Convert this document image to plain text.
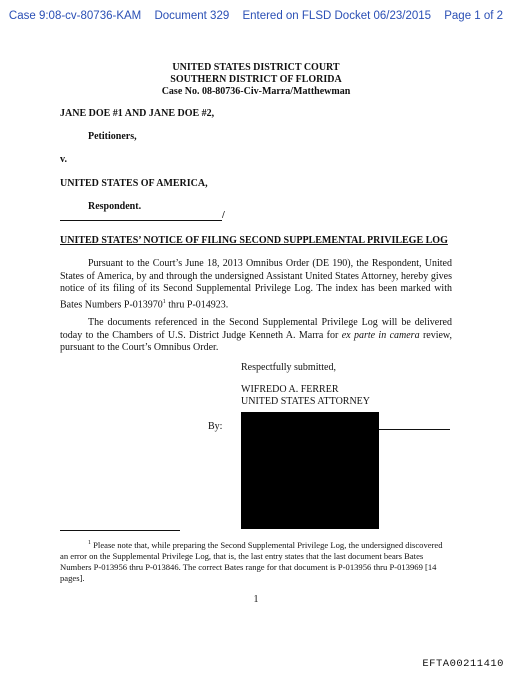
Case 9:08-cv-80736-KAM Document 329 Entered on FLSD Docket 06/23/2015 Page 1 of 2
UNITED STATES DISTRICT COURT
SOUTHERN DISTRICT OF FLORIDA
Case No. 08-80736-Civ-Marra/Matthewman
JANE DOE #1 AND JANE DOE #2,
Petitioners,
v.
UNITED STATES OF AMERICA,
Respondent.
/
UNITED STATES’ NOTICE OF FILING SECOND SUPPLEMENTAL PRIVILEGE LOG
Pursuant to the Court’s June 18, 2013 Omnibus Order (DE 190), the Respondent, United States of America, by and through the undersigned Assistant United States Attorney, hereby gives notice of its filing of its Second Supplemental Privilege Log. The index has been marked with Bates Numbers P-013970$^1$ thru P-014923.
The documents referenced in the Second Supplemental Privilege Log will be delivered today to the Chambers of U.S. District Judge Kenneth A. Marra for ex parte in camera review, pursuant to the Court’s Omnibus Order.
Respectfully submitted,
WIFREDO A. FERRER
UNITED STATES ATTORNEY
By:
$^1$ Please note that, while preparing the Second Supplemental Privilege Log, the undersigned discovered an error on the Supplemental Privilege Log, that is, the last entry states that the last document bears Bates Numbers P-013956 thru P-013846. The correct Bates range for that document is P-013956 thru P-013969 [14 pages].
1
EFTA00211410
